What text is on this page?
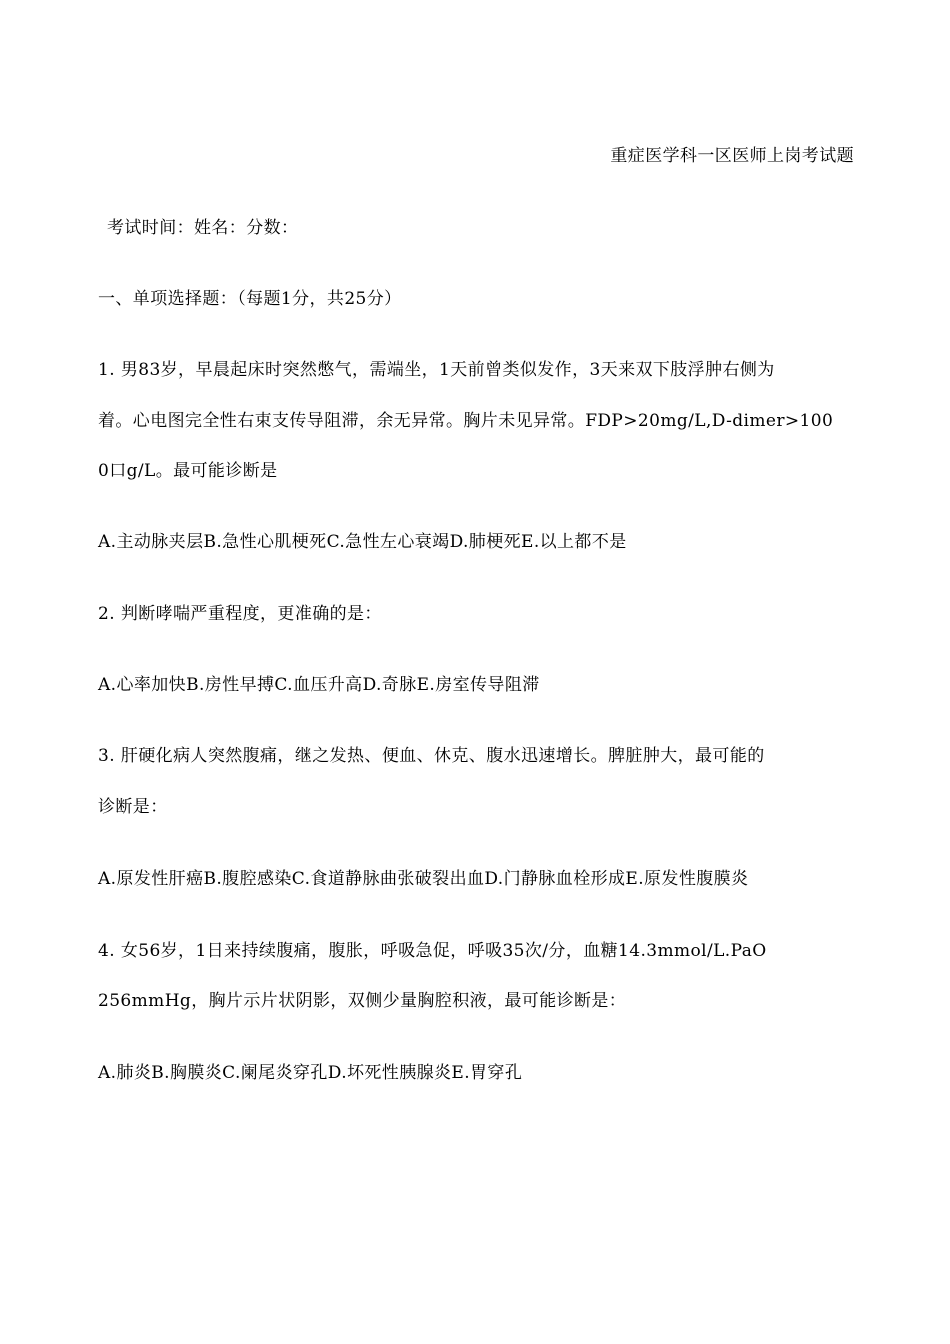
重症医学科一区医师上岗考试题
考试时间：姓名：分数：
一、单项选择题：（每题1分，共25分）
1. 男83岁，早晨起床时突然憋气，需端坐，1天前曾类似发作，3天来双下肢浮肿右侧为
着。心电图完全性右束支传导阻滞，余无异常。胸片未见异常。FDP>20mg/L,D-dimer>100
0口g/L。最可能诊断是
A.主动脉夹层B.急性心肌梗死C.急性左心衰竭D.肺梗死E.以上都不是
2. 判断哮喘严重程度，更准确的是：
A.心率加快B.房性早搏C.血压升高D.奇脉E.房室传导阻滞
3. 肝硬化病人突然腹痛，继之发热、便血、休克、腹水迅速增长。脾脏肿大，最可能的
诊断是：
A.原发性肝癌B.腹腔感染C.食道静脉曲张破裂出血D.门静脉血栓形成E.原发性腹膜炎
4. 女56岁，1日来持续腹痛，腹胀，呼吸急促，呼吸35次/分，血糖14.3mmol/L.PaO
256mmHg，胸片示片状阴影，双侧少量胸腔积液，最可能诊断是：
A.肺炎B.胸膜炎C.阑尾炎穿孔D.坏死性胰腺炎E.胃穿孔
